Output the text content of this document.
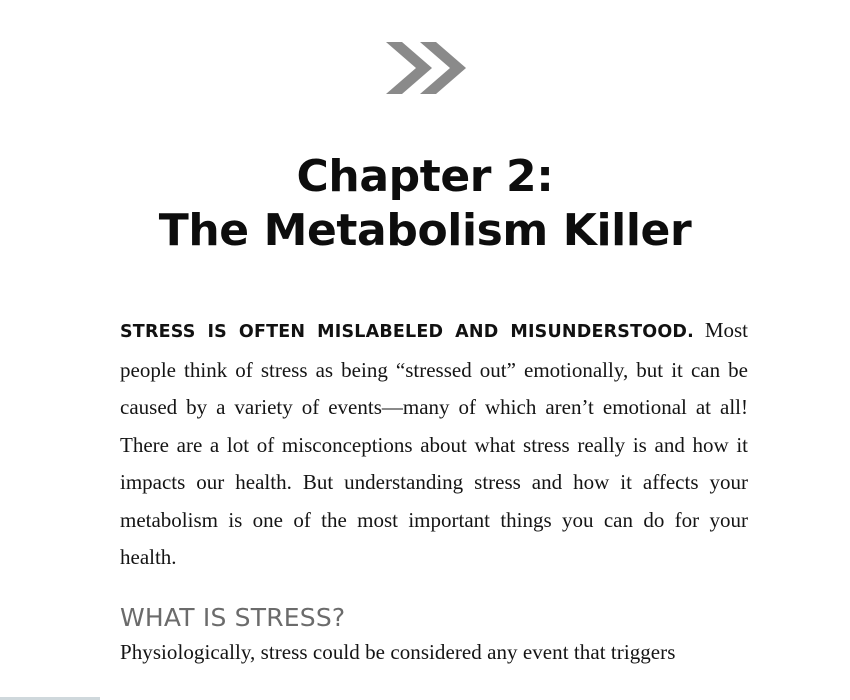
Chapter 2:
The Metabolism Killer

STRESS IS OFTEN MISLABELED AND MISUNDERSTOOD. Most people think of stress as being “stressed out” emotionally, but it can be caused by a variety of events—many of which aren’t emotional at all! There are a lot of misconceptions about what stress really is and how it impacts our health. But understanding stress and how it affects your metabolism is one of the most important things you can do for your health.

WHAT IS STRESS?

Physiologically, stress could be considered any event that triggers
